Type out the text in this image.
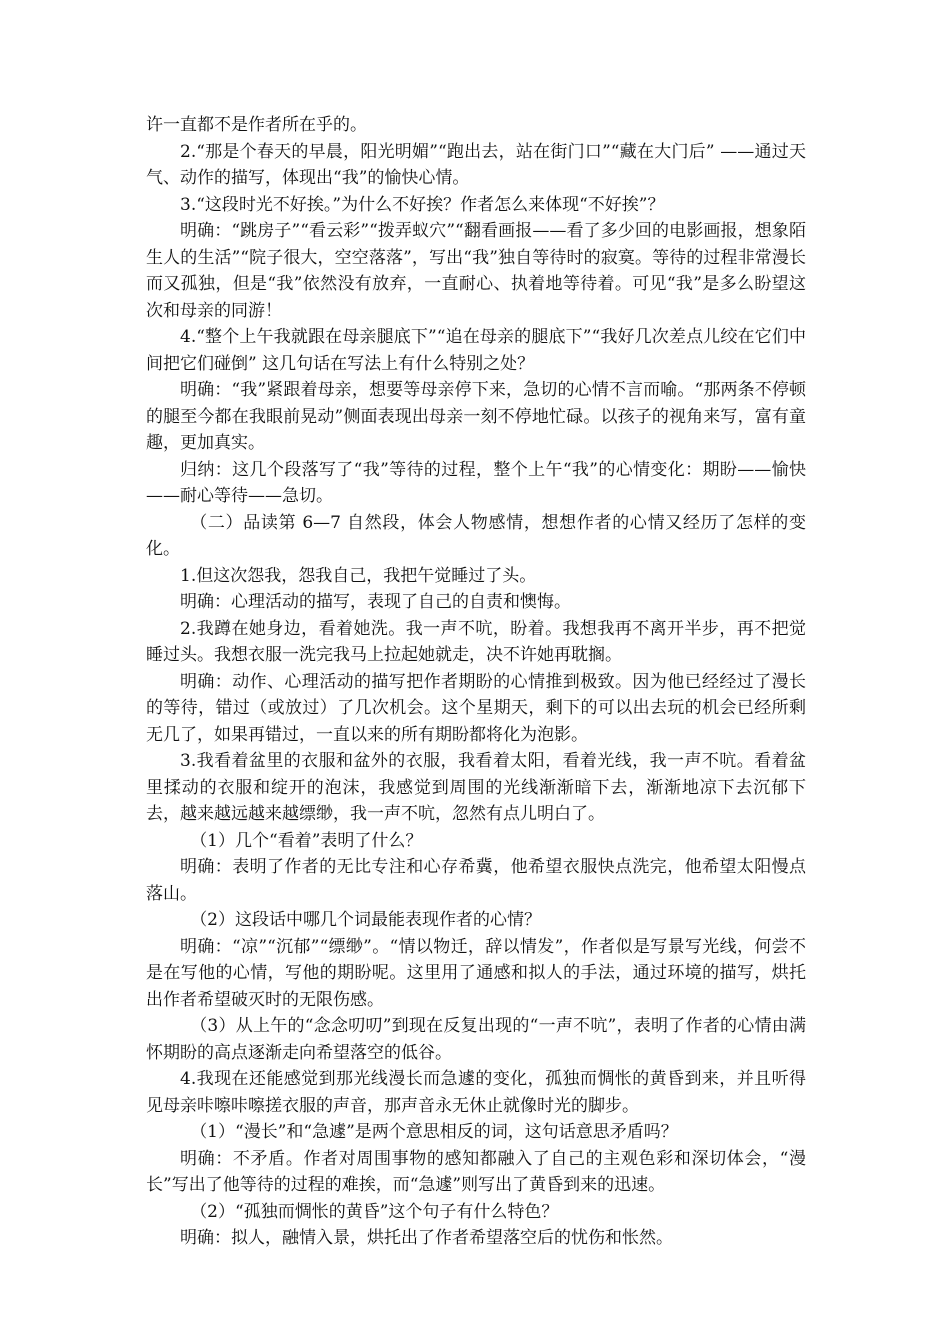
许一直都不是作者所在乎的。

2.“那是个春天的早晨，阳光明媚”“跑出去，站在街门口”“藏在大门后” ——通过天气、动作的描写，体现出“我”的愉快心情。

3.“这段时光不好挨。”为什么不好挨？作者怎么来体现“不好挨”？

明确：“跳房子”“看云彩”“拨弄蚁穴”“翻看画报——看了多少回的电影画报，想象陌生人的生活”“院子很大，空空落落”，写出“我”独自等待时的寂寞。等待的过程非常漫长而又孤独，但是“我”依然没有放弃，一直耐心、执着地等待着。可见“我”是多么盼望这次和母亲的同游！

4.“整个上午我就跟在母亲腿底下”“追在母亲的腿底下”“我好几次差点儿绞在它们中间把它们碰倒” 这几句话在写法上有什么特别之处？

明确：“我”紧跟着母亲，想要等母亲停下来，急切的心情不言而喻。“那两条不停顿的腿至今都在我眼前晃动”侧面表现出母亲一刻不停地忙碌。以孩子的视角来写，富有童趣，更加真实。

归纳：这几个段落写了“我”等待的过程，整个上午“我”的心情变化：期盼——愉快——耐心等待——急切。

（二）品读第 6—7 自然段，体会人物感情，想想作者的心情又经历了怎样的变化。

1.但这次怨我，怨我自己，我把午觉睡过了头。

明确：心理活动的描写，表现了自己的自责和懊悔。

2.我蹲在她身边，看着她洗。我一声不吭，盼着。我想我再不离开半步，再不把觉睡过头。我想衣服一洗完我马上拉起她就走，决不许她再耽搁。

明确：动作、心理活动的描写把作者期盼的心情推到极致。因为他已经经过了漫长的等待，错过（或放过）了几次机会。这个星期天，剩下的可以出去玩的机会已经所剩无几了，如果再错过，一直以来的所有期盼都将化为泡影。

3.我看着盆里的衣服和盆外的衣服，我看着太阳，看着光线，我一声不吭。看着盆里揉动的衣服和绽开的泡沫，我感觉到周围的光线渐渐暗下去，渐渐地凉下去沉郁下去，越来越远越来越缥缈，我一声不吭，忽然有点儿明白了。

（1）几个“看着”表明了什么？

明确：表明了作者的无比专注和心存希冀，他希望衣服快点洗完，他希望太阳慢点落山。

（2）这段话中哪几个词最能表现作者的心情？

明确：“凉”“沉郁”“缥缈”。“情以物迁，辞以情发”，作者似是写景写光线，何尝不是在写他的心情，写他的期盼呢。这里用了通感和拟人的手法，通过环境的描写，烘托出作者希望破灭时的无限伤感。

（3）从上午的“念念叨叨”到现在反复出现的“一声不吭”，表明了作者的心情由满怀期盼的高点逐渐走向希望落空的低谷。

4.我现在还能感觉到那光线漫长而急遽的变化，孤独而惆怅的黄昏到来，并且听得见母亲咔嚓咔嚓搓衣服的声音，那声音永无休止就像时光的脚步。

（1）“漫长”和“急遽”是两个意思相反的词，这句话意思矛盾吗？

明确：不矛盾。作者对周围事物的感知都融入了自己的主观色彩和深切体会，“漫长”写出了他等待的过程的难挨，而“急遽”则写出了黄昏到来的迅速。

（2）“孤独而惆怅的黄昏”这个句子有什么特色？

明确：拟人，融情入景，烘托出了作者希望落空后的忧伤和怅然。
